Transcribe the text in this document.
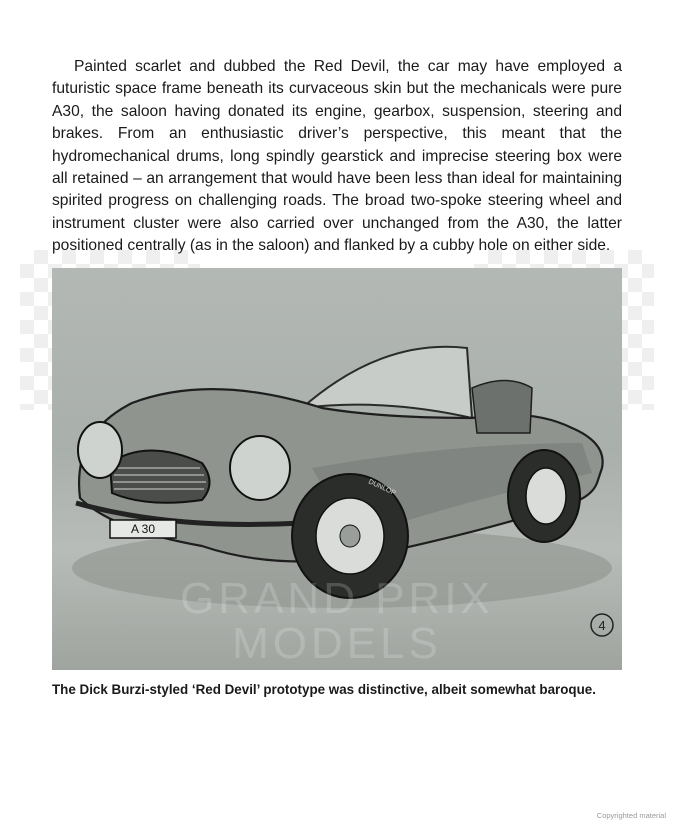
Painted scarlet and dubbed the Red Devil, the car may have employed a futuristic space frame beneath its curvaceous skin but the mechanicals were pure A30, the saloon having donated its engine, gearbox, suspension, steering and brakes. From an enthusiastic driver’s perspective, this meant that the hydromechanical drums, long spindly gearstick and imprecise steering box were all retained – an arrangement that would have been less than ideal for maintaining spirited progress on challenging roads. The broad two-spoke steering wheel and instrument cluster were also carried over unchanged from the A30, the latter positioned centrally (as in the saloon) and flanked by a cubby hole on either side.

A 30
DUNLOP
4
GRAND PRIX
MODELS

The Dick Burzi-styled ‘Red Devil’ prototype was distinctive, albeit somewhat baroque.

Copyrighted material
